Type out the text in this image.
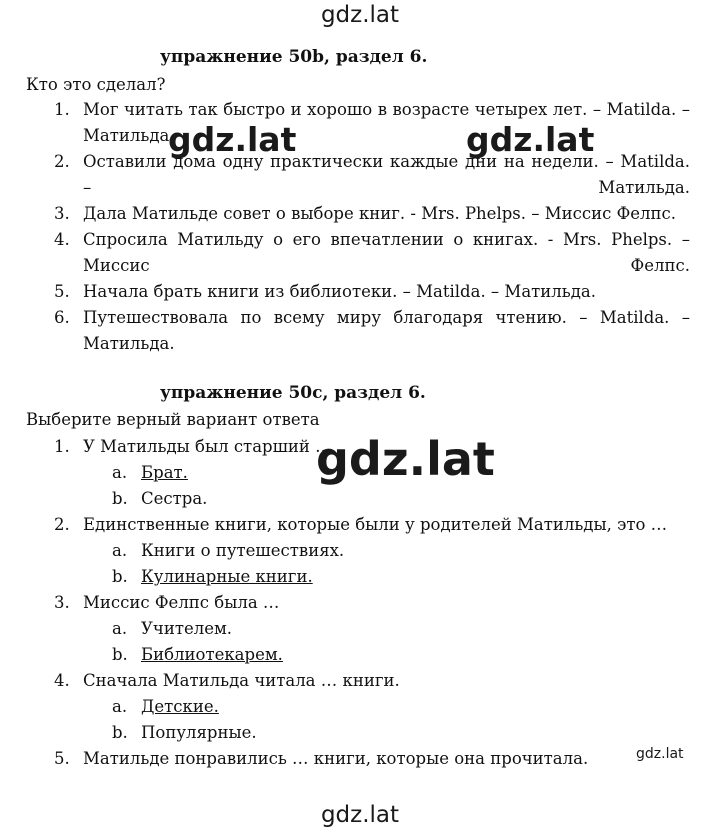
gdz.lat
упражнение 50b, раздел 6.
Кто это сделал?
1. Мог читать так быстро и хорошо в возрасте четырех лет. – Matilda. – Матильда.
2. Оставили дома одну практически каждые дни на недели. – Matilda. – Матильда.
3. Дала Матильде совет о выборе книг. - Mrs. Phelps. – Миссис Фелпс.
4. Спросила Матильду о его впечатлении о книгах. - Mrs. Phelps. – Миссис Фелпс.
5. Начала брать книги из библиотеки. – Matilda. – Матильда.
6. Путешествовала по всему миру благодаря чтению. – Matilda. – Матильда.
упражнение 50c, раздел 6.
Выберите верный вариант ответа
1. У Матильды был старший …
a. Брат.
b. Сестра.
2. Единственные книги, которые были у родителей Матильды, это …
a. Книги о путешествиях.
b. Кулинарные книги.
3. Миссис Фелпс была …
a. Учителем.
b. Библиотекарем.
4. Сначала Матильда читала … книги.
a. Детские.
b. Популярные.
5. Матильде понравились … книги, которые она прочитала.
gdz.lat	gdz.lat
gdz.lat
gdz.lat
gdz.lat
